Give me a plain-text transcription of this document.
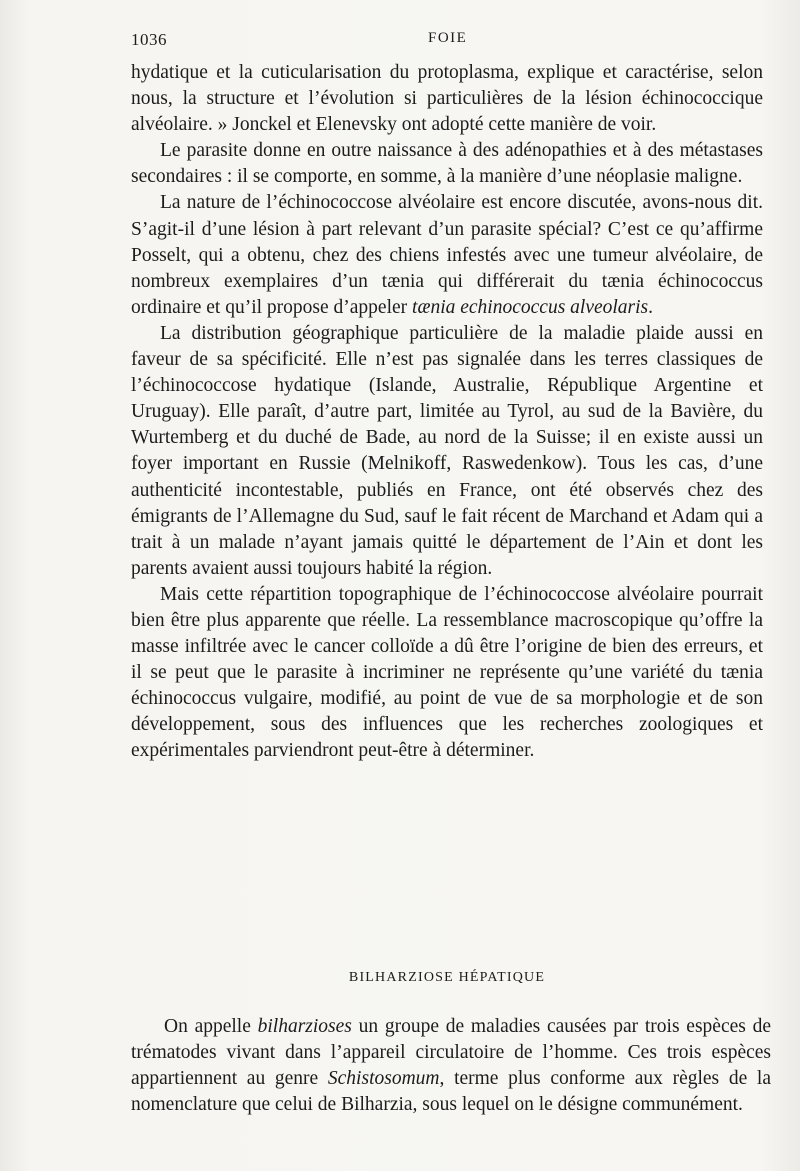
1036	FOIE

hydatique et la cuticularisation du protoplasma, explique et caractérise, selon nous, la structure et l’évolution si particulières de la lésion échinococcique alvéolaire. » Jonckel et Elenevsky ont adopté cette manière de voir.

Le parasite donne en outre naissance à des adénopathies et à des métastases secondaires : il se comporte, en somme, à la manière d’une néoplasie maligne.

La nature de l’échinococcose alvéolaire est encore discutée, avons-nous dit. S’agit-il d’une lésion à part relevant d’un parasite spécial? C’est ce qu’affirme Posselt, qui a obtenu, chez des chiens infestés avec une tumeur alvéolaire, de nombreux exemplaires d’un tænia qui différerait du tænia échinococcus ordinaire et qu’il propose d’appeler tænia echinococcus alveolaris.

La distribution géographique particulière de la maladie plaide aussi en faveur de sa spécificité. Elle n’est pas signalée dans les terres classiques de l’échinococcose hydatique (Islande, Australie, République Argentine et Uruguay). Elle paraît, d’autre part, limitée au Tyrol, au sud de la Bavière, du Wurtemberg et du duché de Bade, au nord de la Suisse; il en existe aussi un foyer important en Russie (Melnikoff, Raswedenkow). Tous les cas, d’une authenticité incontestable, publiés en France, ont été observés chez des émigrants de l’Allemagne du Sud, sauf le fait récent de Marchand et Adam qui a trait à un malade n’ayant jamais quitté le département de l’Ain et dont les parents avaient aussi toujours habité la région.

Mais cette répartition topographique de l’échinococcose alvéolaire pourrait bien être plus apparente que réelle. La ressemblance macroscopique qu’offre la masse infiltrée avec le cancer colloïde a dû être l’origine de bien des erreurs, et il se peut que le parasite à incriminer ne représente qu’une variété du tænia échinococcus vulgaire, modifié, au point de vue de sa morphologie et de son développement, sous des influences que les recherches zoologiques et expérimentales parviendront peut-être à déterminer.

BILHARZIOSE HÉPATIQUE

On appelle bilharzioses un groupe de maladies causées par trois espèces de trématodes vivant dans l’appareil circulatoire de l’homme. Ces trois espèces appartiennent au genre Schistosomum, terme plus conforme aux règles de la nomenclature que celui de Bilharzia, sous lequel on le désigne communément.
